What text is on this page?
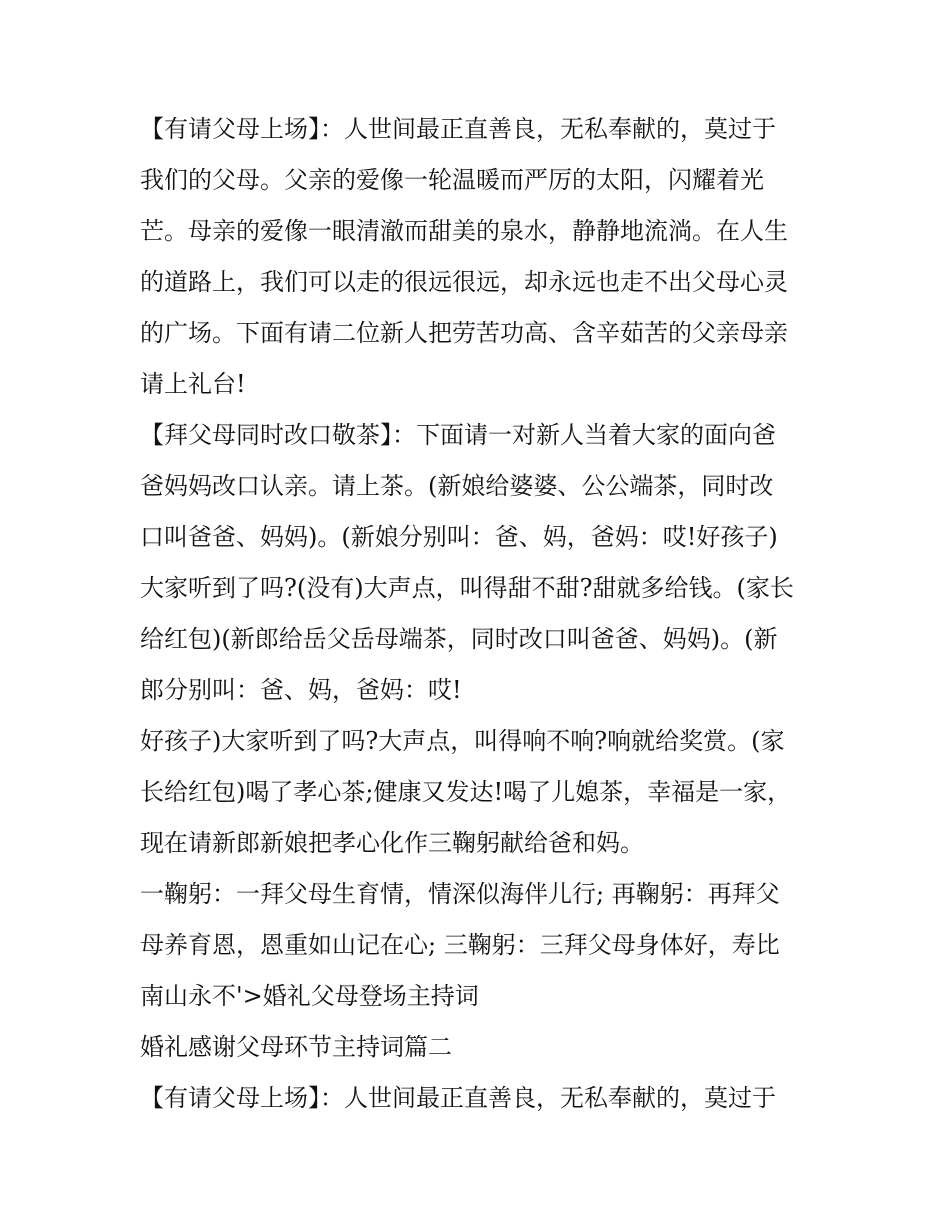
【有请父母上场】：人世间最正直善良，无私奉献的，莫过于
我们的父母。父亲的爱像一轮温暖而严厉的太阳，闪耀着光
芒。母亲的爱像一眼清澈而甜美的泉水，静静地流淌。在人生
的道路上，我们可以走的很远很远，却永远也走不出父母心灵
的广场。下面有请二位新人把劳苦功高、含辛茹苦的父亲母亲
请上礼台!
【拜父母同时改口敬茶】：下面请一对新人当着大家的面向爸
爸妈妈改口认亲。请上茶。(新娘给婆婆、公公端茶，同时改
口叫爸爸、妈妈)。(新娘分别叫：爸、妈，爸妈：哎!好孩子)
大家听到了吗?(没有)大声点，叫得甜不甜?甜就多给钱。(家长
给红包)(新郎给岳父岳母端茶，同时改口叫爸爸、妈妈)。(新
郎分别叫：爸、妈，爸妈：哎!
好孩子)大家听到了吗?大声点，叫得响不响?响就给奖赏。(家
长给红包)喝了孝心茶;健康又发达!喝了儿媳茶，幸福是一家，
现在请新郎新娘把孝心化作三鞠躬献给爸和妈。
一鞠躬：一拜父母生育情，情深似海伴儿行; 再鞠躬：再拜父
母养育恩，恩重如山记在心; 三鞠躬：三拜父母身体好，寿比
南山永不'>婚礼父母登场主持词
婚礼感谢父母环节主持词篇二
【有请父母上场】：人世间最正直善良，无私奉献的，莫过于
